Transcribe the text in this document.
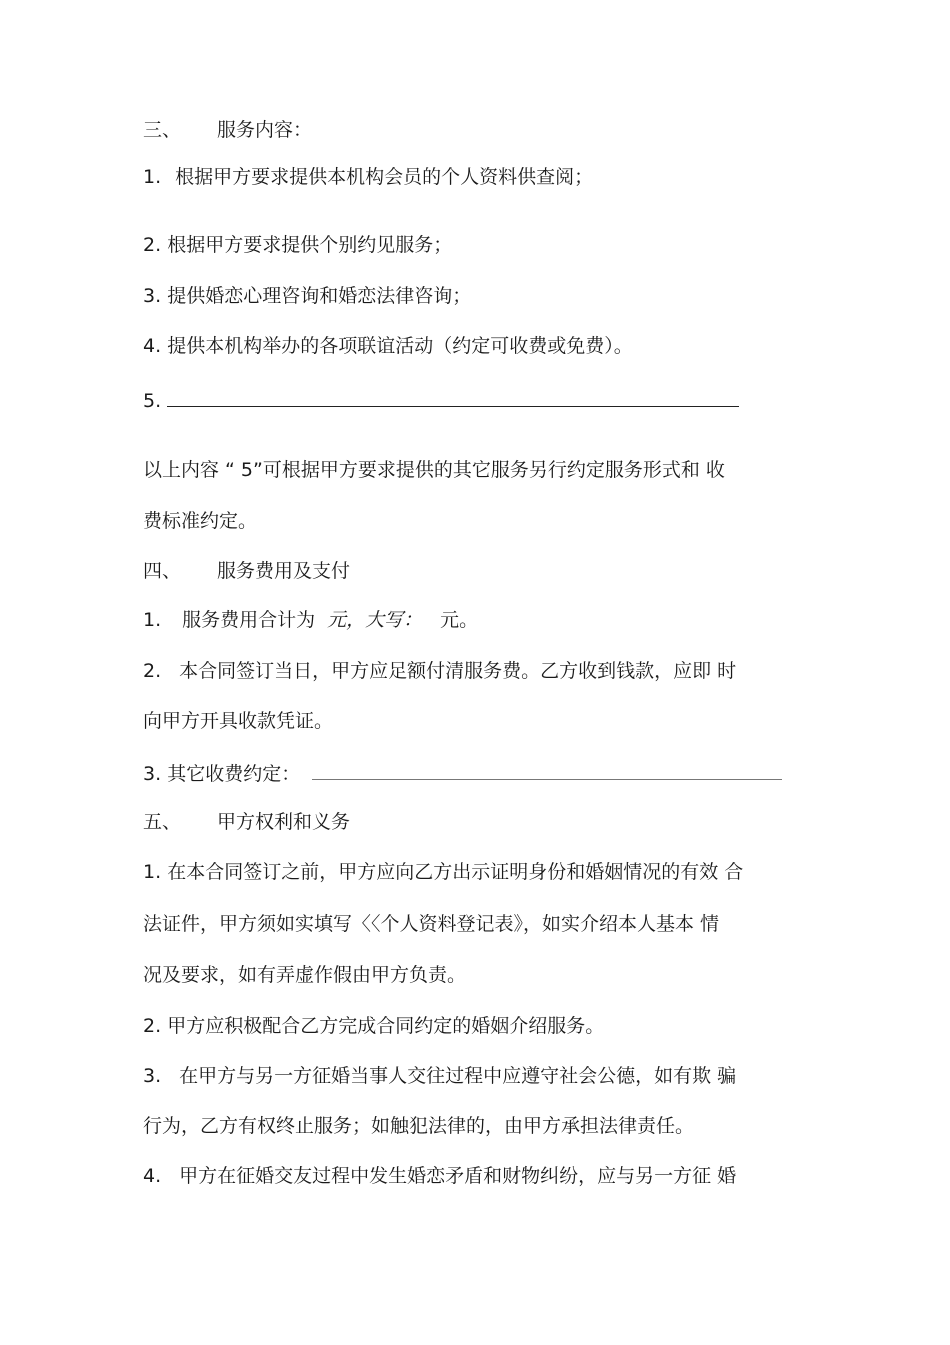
三、 服务内容：
1. 根据甲方要求提供本机构会员的个人资料供查阅；
2. 根据甲方要求提供个别约见服务；
3. 提供婚恋心理咨询和婚恋法律咨询；
4. 提供本机构举办的各项联谊活动（约定可收费或免费）。
5.
以上内容 “ 5”可根据甲方要求提供的其它服务另行约定服务形式和 收
费标准约定。
四、 服务费用及支付
1. 服务费用合计为 元，大写： 元。
2. 本合同签订当日，甲方应足额付清服务费。乙方收到钱款，应即 时
向甲方开具收款凭证。
3. 其它收费约定：
五、 甲方权利和义务
1. 在本合同签订之前，甲方应向乙方出示证明身份和婚姻情况的有效 合
法证件，甲方须如实填写〈〈个人资料登记表》，如实介绍本人基本 情
况及要求，如有弄虚作假由甲方负责。
2. 甲方应积极配合乙方完成合同约定的婚姻介绍服务。
3. 在甲方与另一方征婚当事人交往过程中应遵守社会公德，如有欺 骗
行为，乙方有权终止服务；如触犯法律的，由甲方承担法律责任。
4. 甲方在征婚交友过程中发生婚恋矛盾和财物纠纷，应与另一方征 婚
